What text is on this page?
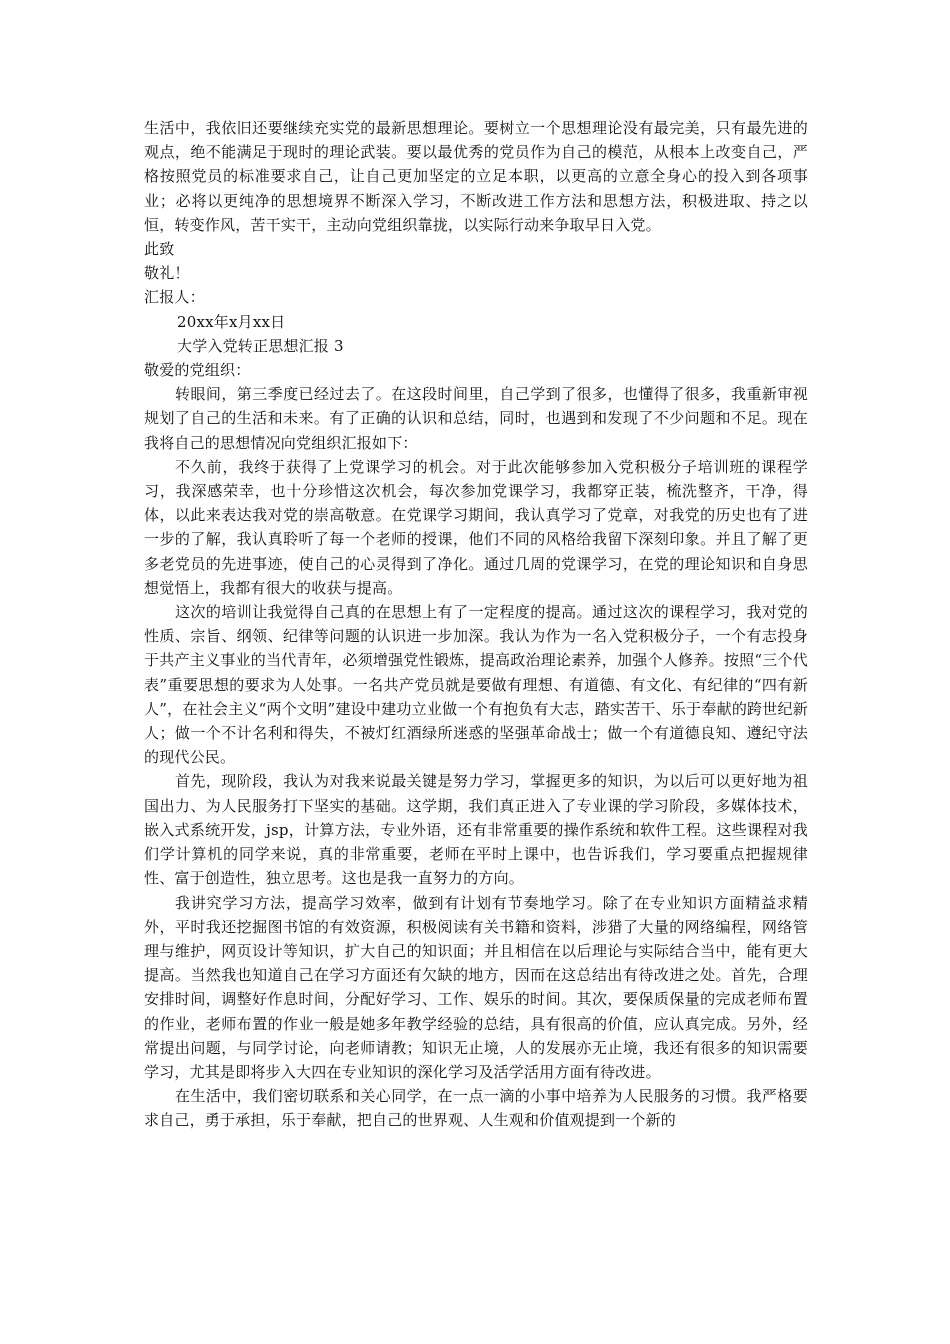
生活中，我依旧还要继续充实党的最新思想理论。要树立一个思想理论没有最完美，只有最先进的观点，绝不能满足于现时的理论武装。要以最优秀的党员作为自己的模范，从根本上改变自己，严格按照党员的标准要求自己，让自己更加坚定的立足本职，以更高的立意全身心的投入到各项事业；必将以更纯净的思想境界不断深入学习，不断改进工作方法和思想方法，积极进取、持之以恒，转变作风，苦干实干，主动向党组织靠拢，以实际行动来争取早日入党。

此致

敬礼！

汇报人：

20xx年x月xx日

大学入党转正思想汇报 3

敬爱的党组织：

转眼间，第三季度已经过去了。在这段时间里，自己学到了很多，也懂得了很多，我重新审视规划了自己的生活和未来。有了正确的认识和总结，同时，也遇到和发现了不少问题和不足。现在我将自己的思想情况向党组织汇报如下：

不久前，我终于获得了上党课学习的机会。对于此次能够参加入党积极分子培训班的课程学习，我深感荣幸，也十分珍惜这次机会，每次参加党课学习，我都穿正装，梳洗整齐，干净，得体，以此来表达我对党的崇高敬意。在党课学习期间，我认真学习了党章，对我党的历史也有了进一步的了解，我认真聆听了每一个老师的授课，他们不同的风格给我留下深刻印象。并且了解了更多老党员的先进事迹，使自己的心灵得到了净化。通过几周的党课学习，在党的理论知识和自身思想觉悟上，我都有很大的收获与提高。

这次的培训让我觉得自己真的在思想上有了一定程度的提高。通过这次的课程学习，我对党的性质、宗旨、纲领、纪律等问题的认识进一步加深。我认为作为一名入党积极分子，一个有志投身于共产主义事业的当代青年，必须增强党性锻炼，提高政治理论素养，加强个人修养。按照“三个代表”重要思想的要求为人处事。一名共产党员就是要做有理想、有道德、有文化、有纪律的“四有新人”，在社会主义“两个文明”建设中建功立业做一个有抱负有大志，踏实苦干、乐于奉献的跨世纪新人；做一个不计名利和得失，不被灯红酒绿所迷惑的坚强革命战士；做一个有道德良知、遵纪守法的现代公民。

首先，现阶段，我认为对我来说最关键是努力学习，掌握更多的知识，为以后可以更好地为祖国出力、为人民服务打下坚实的基础。这学期，我们真正进入了专业课的学习阶段，多媒体技术，嵌入式系统开发，jsp，计算方法，专业外语，还有非常重要的操作系统和软件工程。这些课程对我们学计算机的同学来说，真的非常重要，老师在平时上课中，也告诉我们，学习要重点把握规律性、富于创造性，独立思考。这也是我一直努力的方向。

我讲究学习方法，提高学习效率，做到有计划有节奏地学习。除了在专业知识方面精益求精外，平时我还挖掘图书馆的有效资源，积极阅读有关书籍和资料，涉猎了大量的网络编程，网络管理与维护，网页设计等知识，扩大自己的知识面；并且相信在以后理论与实际结合当中，能有更大提高。当然我也知道自己在学习方面还有欠缺的地方，因而在这总结出有待改进之处。首先，合理安排时间，调整好作息时间，分配好学习、工作、娱乐的时间。其次，要保质保量的完成老师布置的作业，老师布置的作业一般是她多年教学经验的总结，具有很高的价值，应认真完成。另外，经常提出问题，与同学讨论，向老师请教；知识无止境，人的发展亦无止境，我还有很多的知识需要学习，尤其是即将步入大四在专业知识的深化学习及活学活用方面有待改进。

在生活中，我们密切联系和关心同学，在一点一滴的小事中培养为人民服务的习惯。我严格要求自己，勇于承担，乐于奉献，把自己的世界观、人生观和价值观提到一个新的
